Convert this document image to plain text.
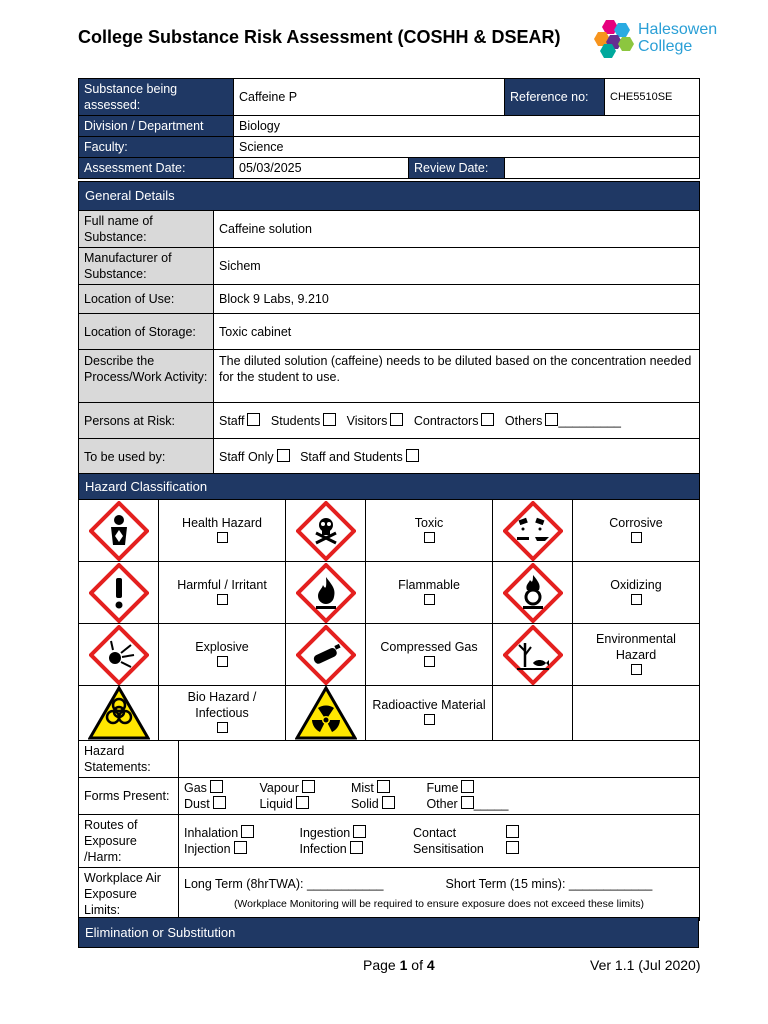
College Substance Risk Assessment (COSHH & DSEAR)	Halesowen
College
Substance being assessed:	Caffeine P		Reference no:	CHE5510SE
Division / Department	Biology			
Faculty:	Science			
Assessment Date:	05/03/2025	Review Date:		
General Details	
Full name of Substance:	Caffeine solution
Manufacturer of Substance:	Sichem
Location of Use:	Block 9 Labs, 9.210
Location of Storage:	Toxic cabinet
Describe the Process/Work Activity:	The diluted solution (caffeine) needs to be diluted based on the concentration needed for the student to use.
Persons at Risk:	Staff Students Visitors Contractors Others _________
To be used by:	Staff Only Staff and Students
Hazard Classification					

Health Hazard		Toxic		Corrosive

Harmful / Irritant		Flammable		Oxidizing

Explosive		Compressed Gas		Environmental Hazard

Bio Hazard / Infectious		Radioactive Material		

Hazard Statements:	
Forms Present:	Gas Vapour Mist Fume
Dust Liquid Solid Other _____

Routes of Exposure /Harm:	Inhalation Ingestion Contact
Injection Infection Sensitisation

Workplace Air Exposure Limits:	Long Term (8hrTWA): ___________ Short Term (15 mins): ____________
(Workplace Monitoring will be required to ensure exposure does not exceed these limits)
Elimination or Substitution
Page 1 of 4	Ver 1.1 (Jul 2020)
